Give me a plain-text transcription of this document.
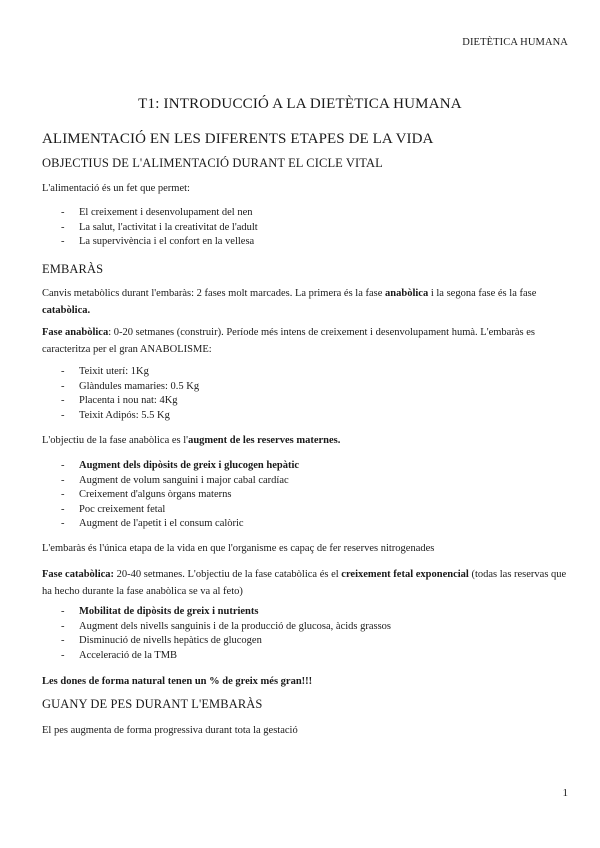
DIETÈTICA HUMANA
T1: INTRODUCCIÓ A LA DIETÈTICA HUMANA
ALIMENTACIÓ EN LES DIFERENTS ETAPES DE LA VIDA
OBJECTIUS DE L'ALIMENTACIÓ DURANT EL CICLE VITAL
L'alimentació és un fet que permet:
- El creixement i desenvolupament del nen
- La salut, l'activitat i la creativitat de l'adult
- La supervivència i el confort en la vellesa
EMBARÀS
Canvis metabòlics durant l'embaràs: 2 fases molt marcades. La primera és la fase anabòlica i la segona fase és la fase catabòlica.
Fase anabòlica: 0-20 setmanes (construir). Període més intens de creixement i desenvolupament humà. L'embaràs es caracteritza per el gran ANABOLISME:
- Teixit uterí: 1Kg
- Glàndules mamaries: 0.5 Kg
- Placenta i nou nat: 4Kg
- Teixit Adipós: 5.5 Kg
L'objectiu de la fase anabòlica es l'augment de les reserves maternes.
- Augment dels dipòsits de greix i glucogen hepàtic
- Augment de volum sanguini i major cabal cardíac
- Creixement d'alguns òrgans materns
- Poc creixement fetal
- Augment de l'apetit i el consum calòric
L'embaràs és l'única etapa de la vida en que l'organisme es capaç de fer reserves nitrogenades
Fase catabòlica: 20-40 setmanes. L'objectiu de la fase catabòlica és el creixement fetal exponencial (todas las reservas que ha hecho durante la fase anabòlica se va al feto)
- Mobilitat de dipòsits de greix i nutrients
- Augment dels nivells sanguinis i de la producció de glucosa, àcids grassos
- Disminució de nivells hepàtics de glucogen
- Acceleració de la TMB
Les dones de forma natural tenen un % de greix més gran!!!
GUANY DE PES DURANT L'EMBARÀS
El pes augmenta de forma progressiva durant tota la gestació
1
